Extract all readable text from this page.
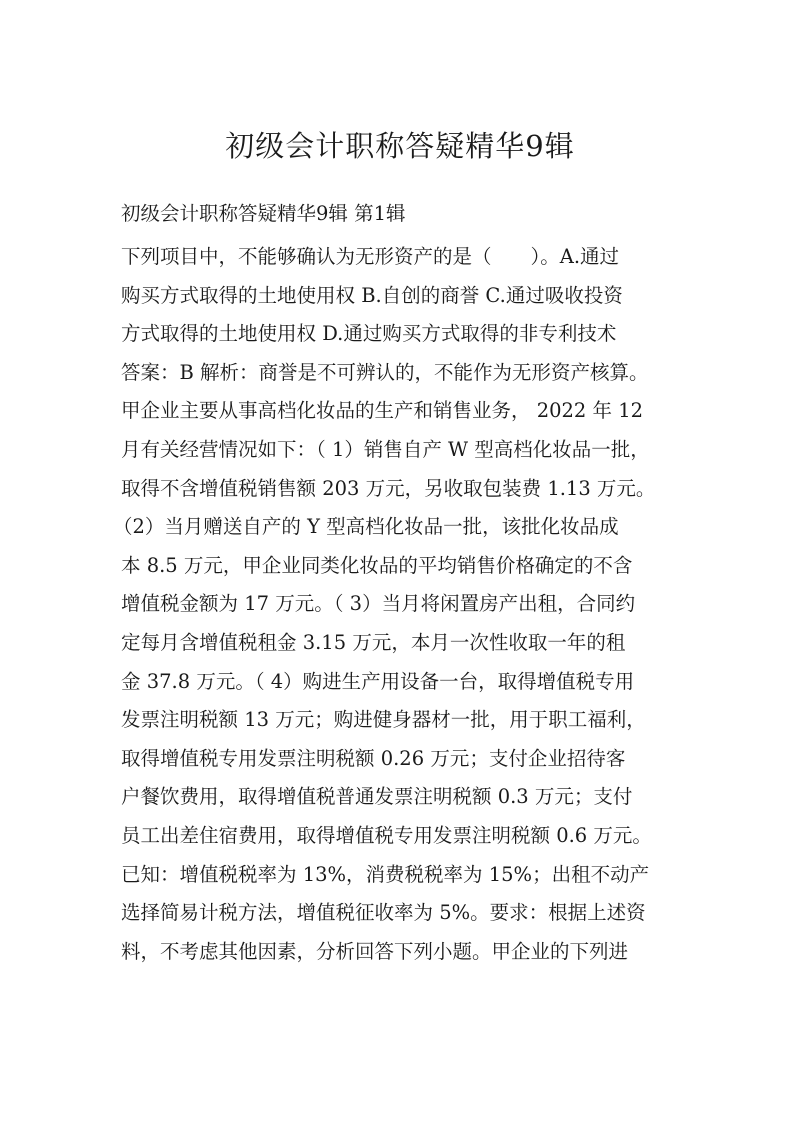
初级会计职称答疑精华9辑
初级会计职称答疑精华9辑 第1辑
下列项目中，不能够确认为无形资产的是（　　）。A.通过
购买方式取得的土地使用权 B.自创的商誉 C.通过吸收投资
方式取得的土地使用权 D.通过购买方式取得的非专利技术
答案：B 解析：商誉是不可辨认的，不能作为无形资产核算。
甲企业主要从事高档化妆品的生产和销售业务， 2022 年 12
月有关经营情况如下：（ 1）销售自产 W 型高档化妆品一批，
取得不含增值税销售额 203 万元，另收取包装费 1.13 万元。
（2）当月赠送自产的 Y 型高档化妆品一批，该批化妆品成
本 8.5 万元，甲企业同类化妆品的平均销售价格确定的不含
增值税金额为 17 万元。（ 3）当月将闲置房产出租，合同约
定每月含增值税租金 3.15 万元，本月一次性收取一年的租
金 37.8 万元。（ 4）购进生产用设备一台，取得增值税专用
发票注明税额 13 万元；购进健身器材一批，用于职工福利，
取得增值税专用发票注明税额 0.26 万元；支付企业招待客
户餐饮费用，取得增值税普通发票注明税额 0.3 万元；支付
员工出差住宿费用，取得增值税专用发票注明税额 0.6 万元。
已知：增值税税率为 13%，消费税税率为 15%；出租不动产
选择简易计税方法，增值税征收率为 5%。要求：根据上述资
料，不考虑其他因素，分析回答下列小题。甲企业的下列进
